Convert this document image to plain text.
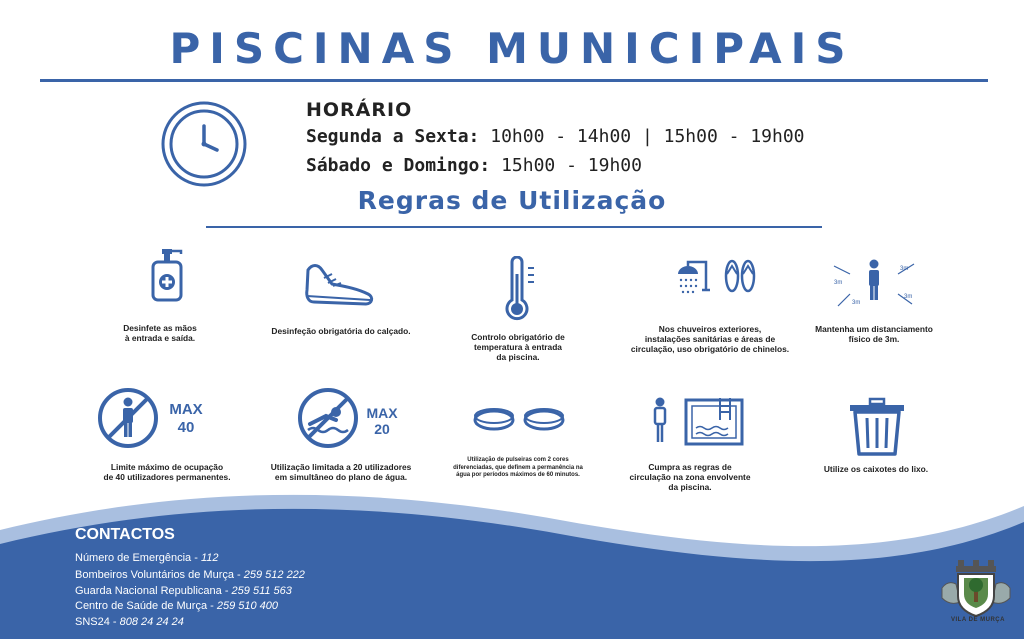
PISCINAS MUNICIPAIS
HORÁRIO
Segunda a Sexta: 10h00 - 14h00 | 15h00 - 19h00
Sábado e Domingo: 15h00 - 19h00
Regras de Utilização
3m
3m
3m
3m
Desinfete as mãos
à entrada e saída.
Desinfeção obrigatória do calçado.
Controlo obrigatório de
temperatura à entrada
da piscina.
Nos chuveiros exteriores,
instalações sanitárias e áreas de
circulação, uso obrigatório de chinelos.
Mantenha um distanciamento
físico de 3m.
MAX
40
MAX
20
Limite máximo de ocupação
de 40 utilizadores permanentes.
Utilização limitada a 20 utilizadores
em simultâneo do plano de água.
Utilização de pulseiras com 2 cores
diferenciadas, que definem a permanência na
água por períodos máximos de 60 minutos.
Cumpra as regras de
circulação na zona envolvente
da piscina.
Utilize os caixotes do lixo.
CONTACTOS
Número de Emergência - 112
Bombeiros Voluntários de Murça - 259 512 222
Guarda Nacional Republicana - 259 511 563
Centro de Saúde de Murça - 259 510 400
SNS24 - 808 24 24 24	VILA DE MURÇA
